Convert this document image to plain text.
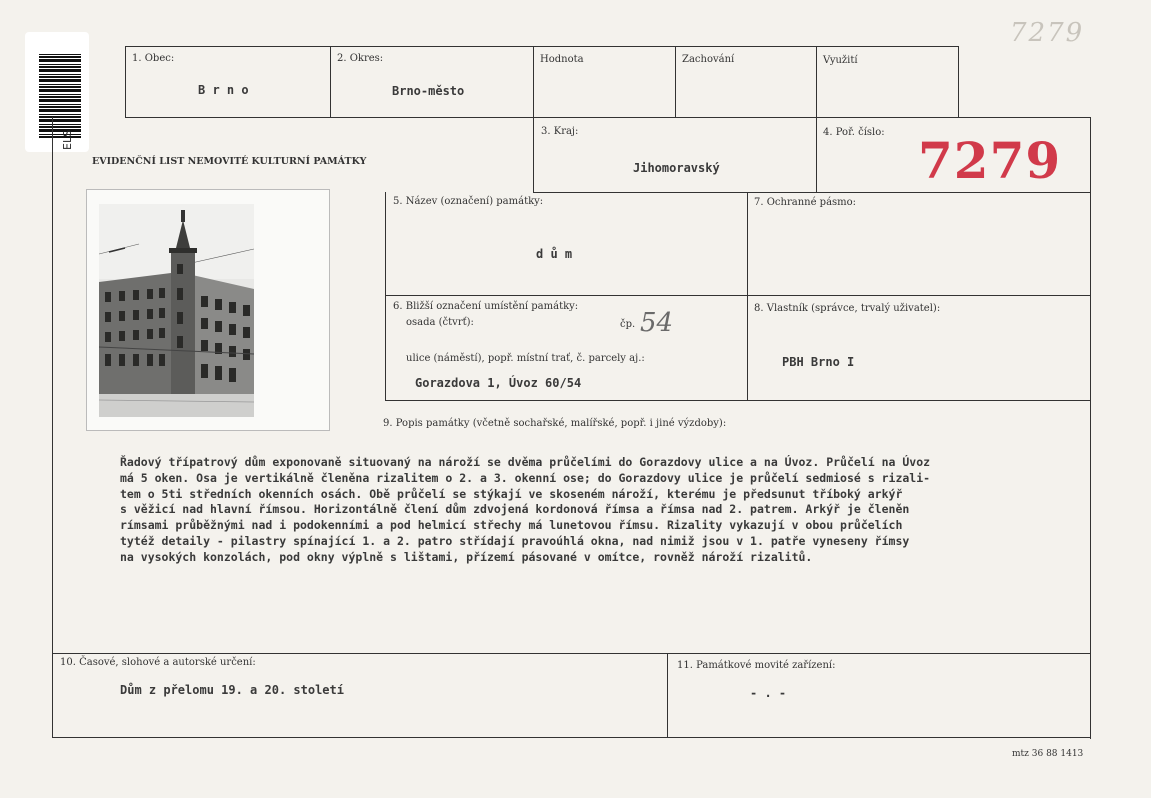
7279
ELS
1. Obec:
B r n o
2. Okres:
Brno-město
Hodnota	Zachování	Využití
EVIDENČNÍ LIST NEMOVITÉ KULTURNÍ PAMÁTKY
3. Kraj:
Jihomoravský
4. Poř. číslo: 7279
5. Název (označení) památky:
d ů m
7. Ochranné pásmo:
6. Bližší označení umístění památky:
osada (čtvrť):	čp. 54
ulice (náměstí), popř. místní trať, č. parcely aj.:
Gorazdova 1, Úvoz 60/54
8. Vlastník (správce, trvalý uživatel):
PBH Brno I
9. Popis památky (včetně sochařské, malířské, popř. i jiné výzdoby):
Řadový třípatrový dům exponovaně situovaný na nároží se dvěma průčelími do Gorazdovy ulice a na Úvoz. Průčelí na Úvoz
má 5 oken. Osa je vertikálně členěna rizalitem o 2. a 3. okenní ose; do Gorazdovy ulice je průčelí sedmiosé s rizali-
tem o 5ti středních okenních osách. Obě průčelí se stýkají ve skoseném nároží, kterému je předsunut tříboký arkýř
s věžicí nad hlavní římsou. Horizontálně člení dům zdvojená kordonová římsa a římsa nad 2. patrem. Arkýř je členěn
rímsami průběžnými nad i podokenními a pod helmicí střechy má lunetovou římsu. Rizality vykazují v obou průčelích
tytéž detaily - pilastry spínající 1. a 2. patro střídají pravoúhlá okna, nad nimiž jsou v 1. patře vyneseny římsy
na vysokých konzolách, pod okny výplně s lištami, přízemí pásované v omítce, rovněž nároží rizalitů.
10. Časové, slohové a autorské určení:
Dům z přelomu 19. a 20. století
11. Památkové movité zařízení:
- . -
mtz 36 88 1413
